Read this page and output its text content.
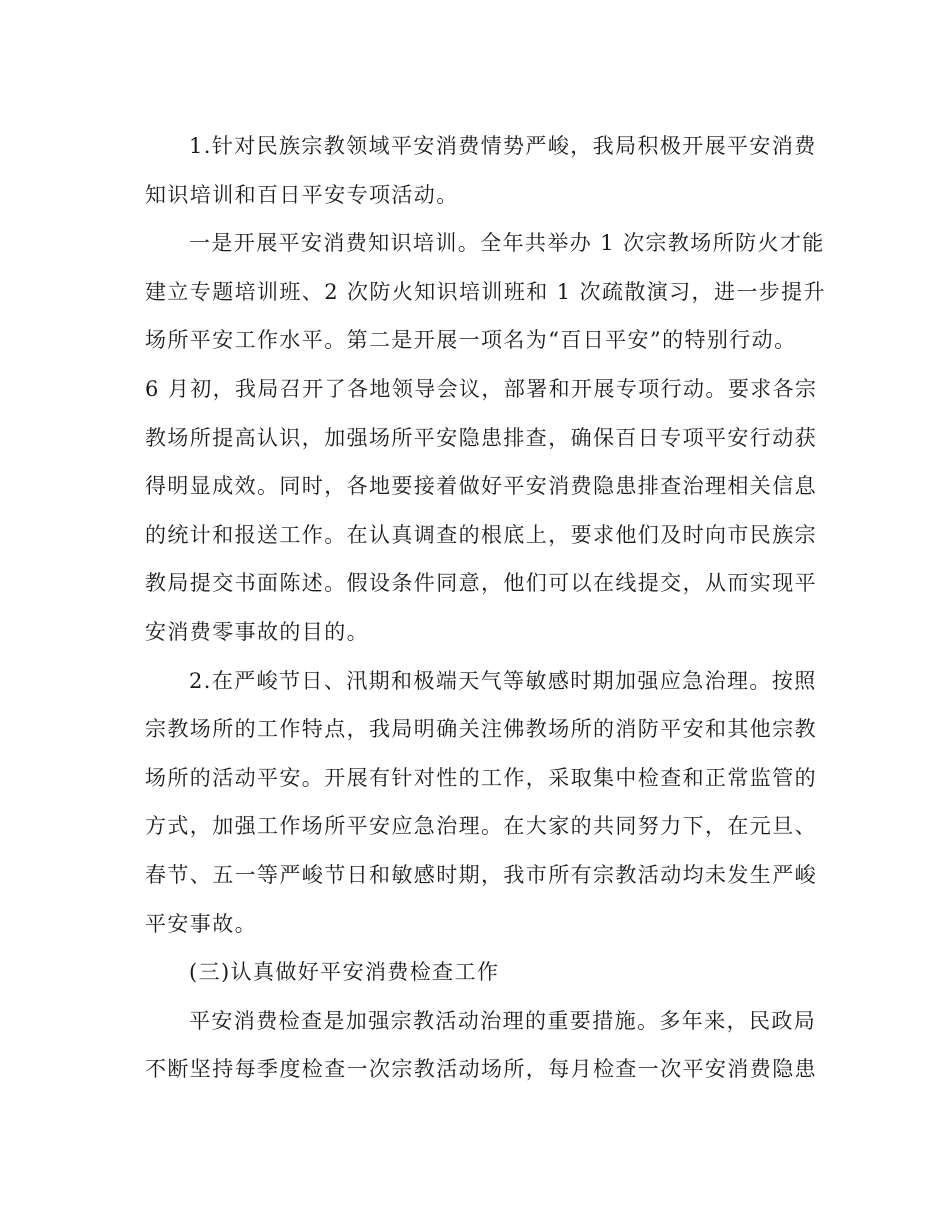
1.针对民族宗教领域平安消费情势严峻，我局积极开展平安消费
知识培训和百日平安专项活动。
一是开展平安消费知识培训。全年共举办 1 次宗教场所防火才能
建立专题培训班、2 次防火知识培训班和 1 次疏散演习，进一步提升
场所平安工作水平。第二是开展一项名为“百日平安”的特别行动。
6 月初，我局召开了各地领导会议，部署和开展专项行动。要求各宗
教场所提高认识，加强场所平安隐患排查，确保百日专项平安行动获
得明显成效。同时，各地要接着做好平安消费隐患排查治理相关信息
的统计和报送工作。在认真调查的根底上，要求他们及时向市民族宗
教局提交书面陈述。假设条件同意，他们可以在线提交，从而实现平
安消费零事故的目的。
2.在严峻节日、汛期和极端天气等敏感时期加强应急治理。按照
宗教场所的工作特点，我局明确关注佛教场所的消防平安和其他宗教
场所的活动平安。开展有针对性的工作，采取集中检查和正常监管的
方式，加强工作场所平安应急治理。在大家的共同努力下，在元旦、
春节、五一等严峻节日和敏感时期，我市所有宗教活动均未发生严峻
平安事故。
(三)认真做好平安消费检查工作
平安消费检查是加强宗教活动治理的重要措施。多年来，民政局
不断坚持每季度检查一次宗教活动场所，每月检查一次平安消费隐患
